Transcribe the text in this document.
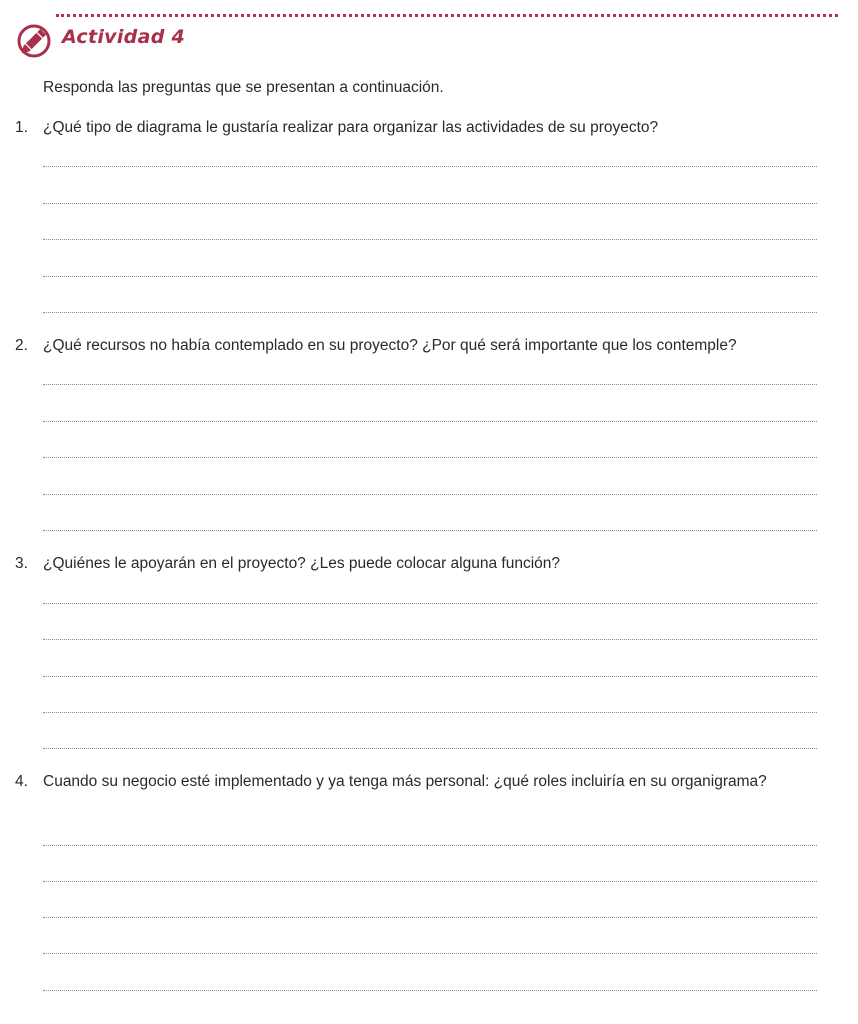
Actividad 4
Responda las preguntas que se presentan a continuación.
1. ¿Qué tipo de diagrama le gustaría realizar para organizar las actividades de su proyecto?
2. ¿Qué recursos no había contemplado en su proyecto? ¿Por qué será importante que los contemple?
3. ¿Quiénes le apoyarán en el proyecto? ¿Les puede colocar alguna función?
4. Cuando su negocio esté implementado y ya tenga más personal: ¿qué roles incluiría en su organigrama?
